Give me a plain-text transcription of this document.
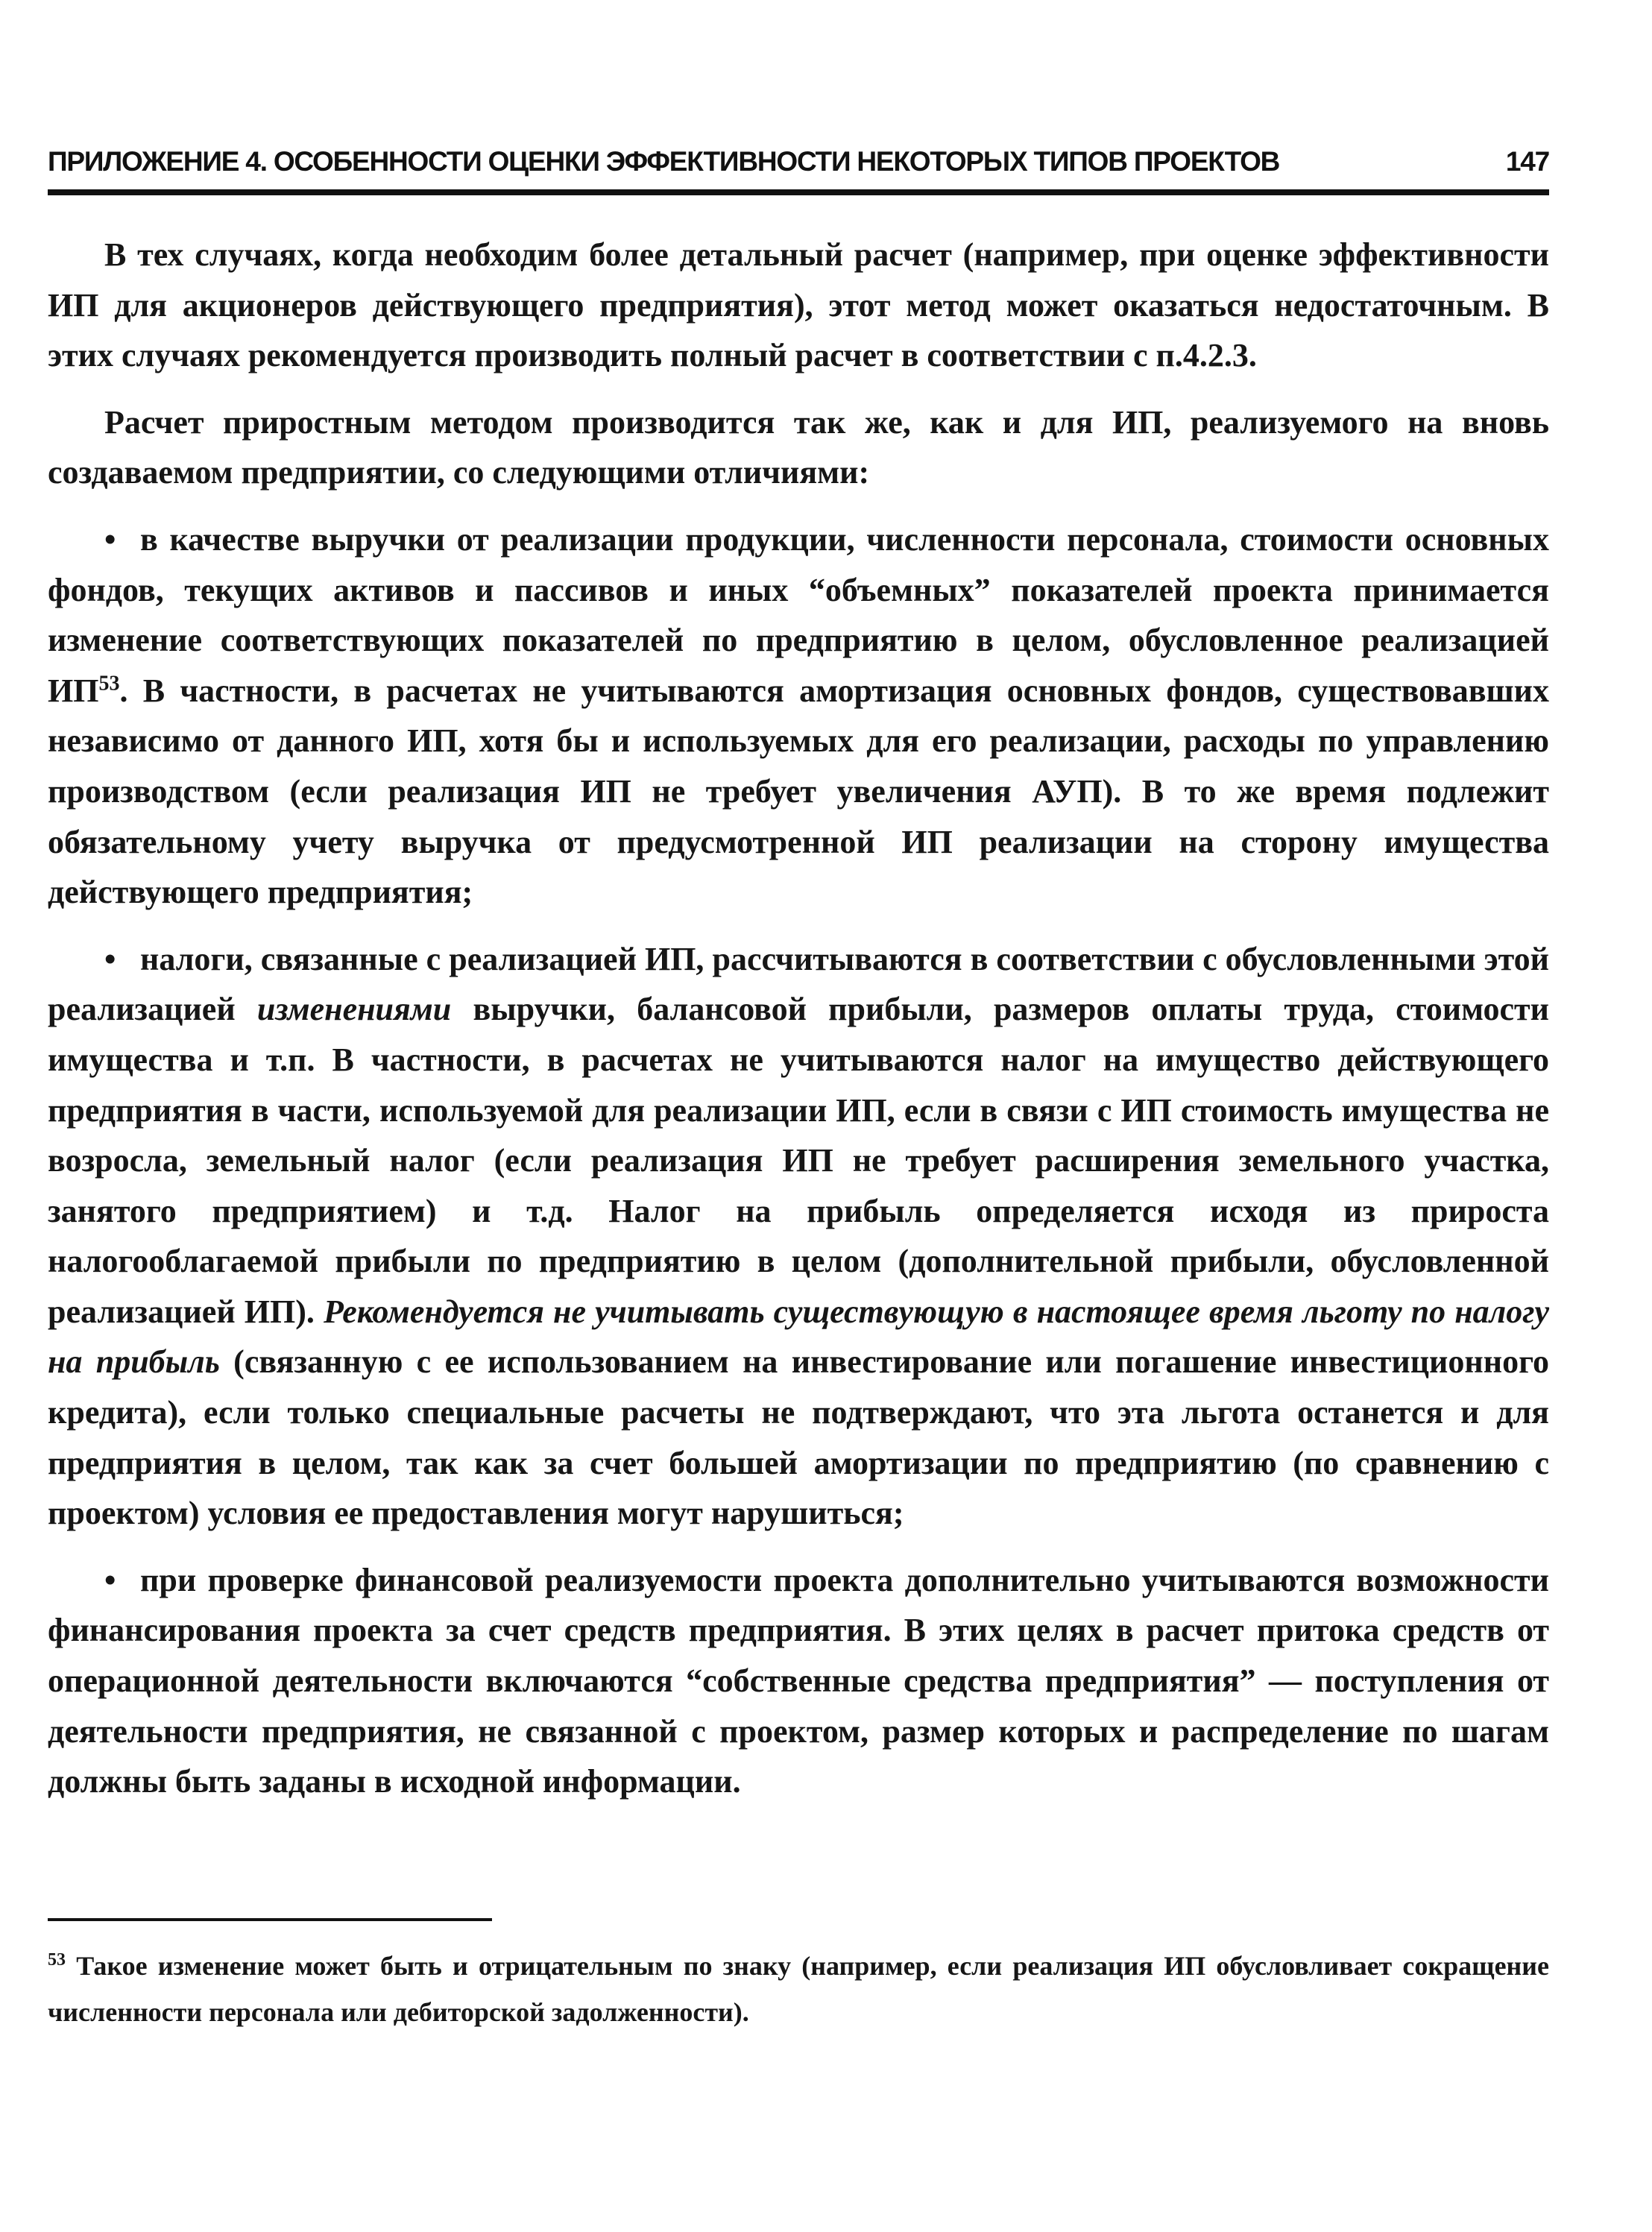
ПРИЛОЖЕНИЕ 4. ОСОБЕННОСТИ ОЦЕНКИ ЭФФЕКТИВНОСТИ НЕКОТОРЫХ ТИПОВ ПРОЕКТОВ	147

В тех случаях, когда необходим более детальный расчет (например, при оценке эффективности ИП для акционеров действующего предприятия), этот метод может оказаться недостаточным. В этих случаях рекомендуется производить полный расчет в соответствии с п.4.2.3.

Расчет приростным методом производится так же, как и для ИП, реализуемого на вновь создаваемом предприятии, со следующими отличиями:

• в качестве выручки от реализации продукции, численности персонала, стоимости основных фондов, текущих активов и пассивов и иных “объемных” показателей проекта принимается изменение соответствующих показателей по предприятию в целом, обусловленное реализацией ИП$^{53}$. В частности, в расчетах не учитываются амортизация основных фондов, существовавших независимо от данного ИП, хотя бы и используемых для его реализации, расходы по управлению производством (если реализация ИП не требует увеличения АУП). В то же время подлежит обязательному учету выручка от предусмотренной ИП реализации на сторону имущества действующего предприятия;

• налоги, связанные с реализацией ИП, рассчитываются в соответствии с обусловленными этой реализацией изменениями выручки, балансовой прибыли, размеров оплаты труда, стоимости имущества и т.п. В частности, в расчетах не учитываются налог на имущество действующего предприятия в части, используемой для реализации ИП, если в связи с ИП стоимость имущества не возросла, земельный налог (если реализация ИП не требует расширения земельного участка, занятого предприятием) и т.д. Налог на прибыль определяется исходя из прироста налогооблагаемой прибыли по предприятию в целом (дополнительной прибыли, обусловленной реализацией ИП). Рекомендуется не учитывать существующую в настоящее время льготу по налогу на прибыль (связанную с ее использованием на инвестирование или погашение инвестиционного кредита), если только специальные расчеты не подтверждают, что эта льгота останется и для предприятия в целом, так как за счет большей амортизации по предприятию (по сравнению с проектом) условия ее предоставления могут нарушиться;

• при проверке финансовой реализуемости проекта дополнительно учитываются возможности финансирования проекта за счет средств предприятия. В этих целях в расчет притока средств от операционной деятельности включаются “собственные средства предприятия” — поступления от деятельности предприятия, не связанной с проектом, размер которых и распределение по шагам должны быть заданы в исходной информации.

$^{53}$ Такое изменение может быть и отрицательным по знаку (например, если реализация ИП обусловливает сокращение численности персонала или дебиторской задолженности).
